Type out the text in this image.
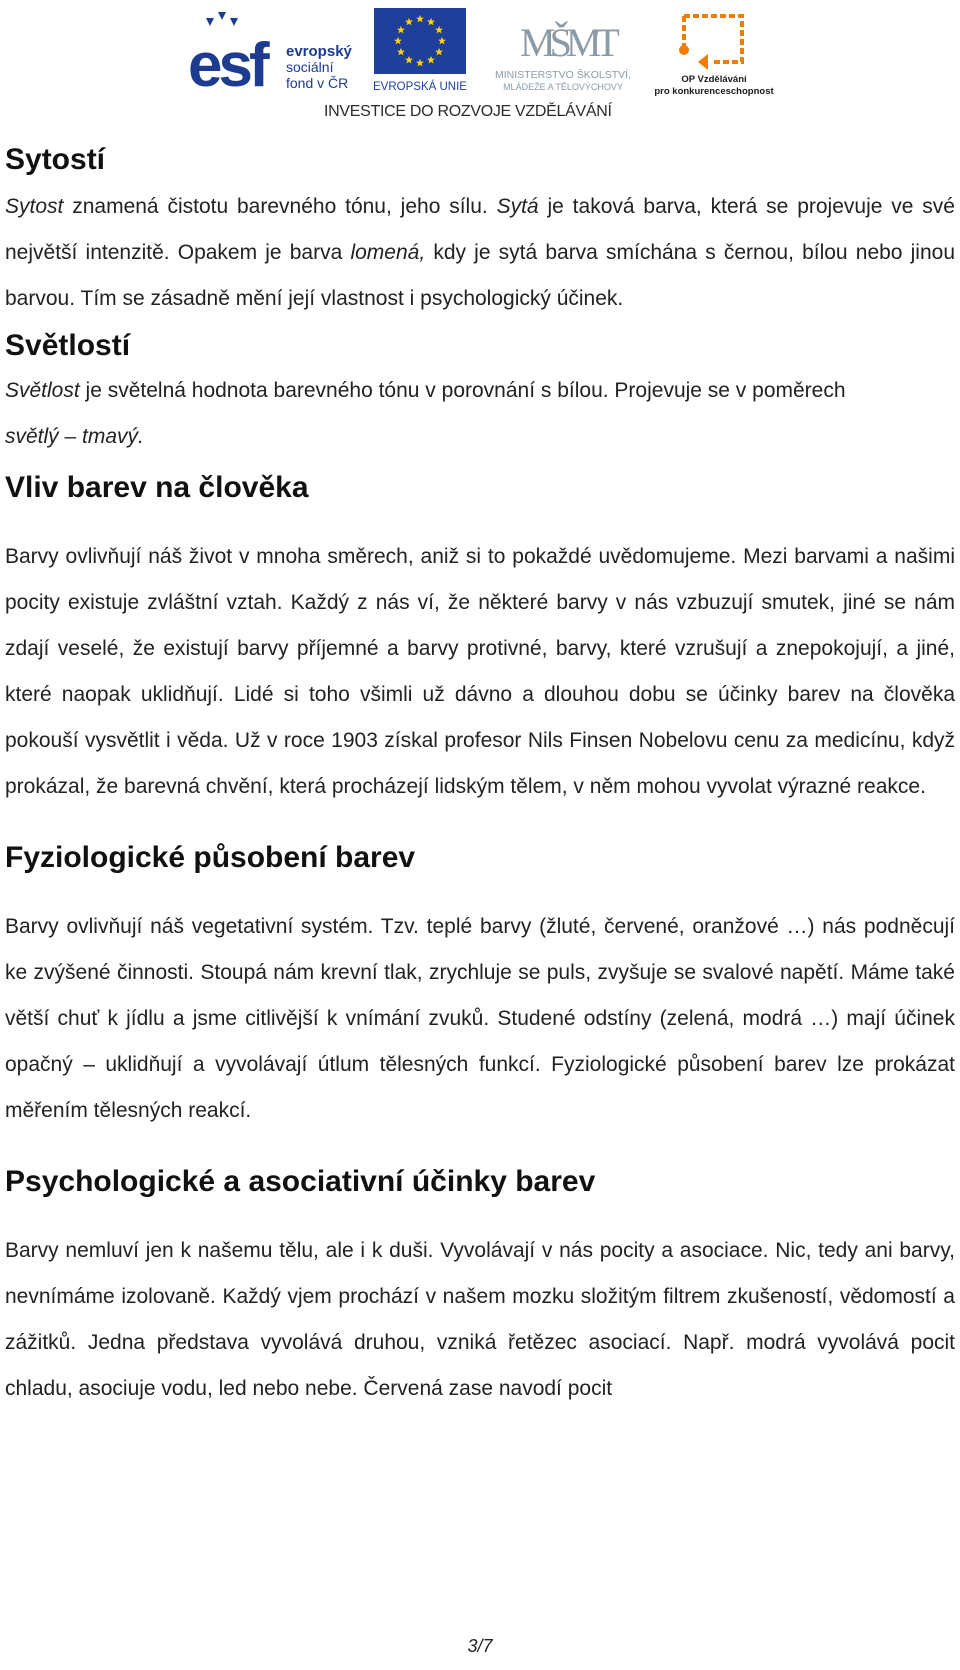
esf evropský
sociální
fond v ČR EVROPSKÁ UNIE
MŠMT
MINISTERSTVO ŠKOLSTVÍ,
MLÁDEŽE A TĚLOVÝCHOVY
OP Vzdělávání
pro konkurenceschopnost
INVESTICE DO ROZVOJE VZDĚLÁVÁNÍ
Sytostí

Sytost znamená čistotu barevného tónu, jeho sílu. Sytá je taková barva, která se projevuje ve své největší intenzitě. Opakem je barva lomená, kdy je sytá barva smíchána s černou, bílou nebo jinou barvou. Tím se zásadně mění její vlastnost i psychologický účinek.

Světlostí

Světlost je světelná hodnota barevného tónu v porovnání s bílou. Projevuje se v poměrech
světlý – tmavý.

Vliv barev na člověka

Barvy ovlivňují náš život v mnoha směrech, aniž si to pokaždé uvědomujeme. Mezi barvami a našimi pocity existuje zvláštní vztah. Každý z nás ví, že některé barvy v nás vzbuzují smutek, jiné se nám zdají veselé, že existují barvy příjemné a barvy protivné, barvy, které vzrušují a znepokojují, a jiné, které naopak uklidňují. Lidé si toho všimli už dávno a dlouhou dobu se účinky barev na člověka pokouší vysvětlit i věda. Už v roce 1903 získal profesor Nils Finsen Nobelovu cenu za medicínu, když prokázal, že barevná chvění, která procházejí lidským tělem, v něm mohou vyvolat výrazné reakce.

Fyziologické působení barev

Barvy ovlivňují náš vegetativní systém. Tzv. teplé barvy (žluté, červené, oranžové …) nás podněcují ke zvýšené činnosti. Stoupá nám krevní tlak, zrychluje se puls, zvyšuje se svalové napětí. Máme také větší chuť k jídlu a jsme citlivější k vnímání zvuků. Studené odstíny (zelená, modrá …) mají účinek opačný – uklidňují a vyvolávají útlum tělesných funkcí. Fyziologické působení barev lze prokázat měřením tělesných reakcí.

Psychologické a asociativní účinky barev

Barvy nemluví jen k našemu tělu, ale i k duši. Vyvolávají v nás pocity a asociace. Nic, tedy ani barvy, nevnímáme izolovaně. Každý vjem prochází v našem mozku složitým filtrem zkušeností, vědomostí a zážitků. Jedna představa vyvolává druhou, vzniká řetězec asociací. Např. modrá vyvolává pocit chladu, asociuje vodu, led nebo nebe. Červená zase navodí pocit

3/7
